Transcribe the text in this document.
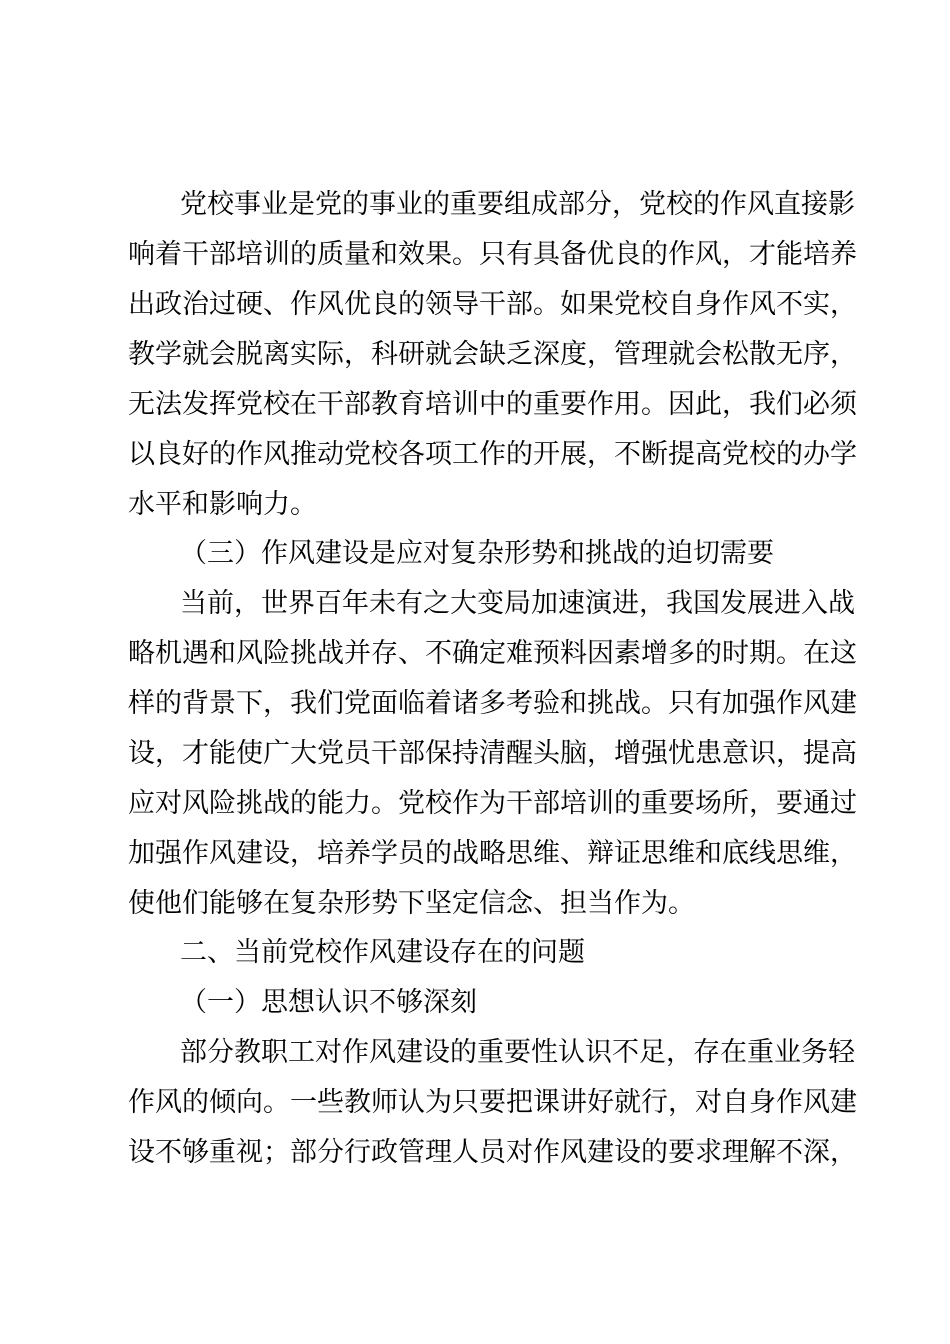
党校事业是党的事业的重要组成部分，党校的作风直接影
响着干部培训的质量和效果。只有具备优良的作风，才能培养
出政治过硬、作风优良的领导干部。如果党校自身作风不实，
教学就会脱离实际，科研就会缺乏深度，管理就会松散无序，
无法发挥党校在干部教育培训中的重要作用。因此，我们必须
以良好的作风推动党校各项工作的开展，不断提高党校的办学
水平和影响力。
（三）作风建设是应对复杂形势和挑战的迫切需要
当前，世界百年未有之大变局加速演进，我国发展进入战
略机遇和风险挑战并存、不确定难预料因素增多的时期。在这
样的背景下，我们党面临着诸多考验和挑战。只有加强作风建
设，才能使广大党员干部保持清醒头脑，增强忧患意识，提高
应对风险挑战的能力。党校作为干部培训的重要场所，要通过
加强作风建设，培养学员的战略思维、辩证思维和底线思维，
使他们能够在复杂形势下坚定信念、担当作为。
二、当前党校作风建设存在的问题
（一）思想认识不够深刻
部分教职工对作风建设的重要性认识不足，存在重业务轻
作风的倾向。一些教师认为只要把课讲好就行，对自身作风建
设不够重视；部分行政管理人员对作风建设的要求理解不深，
